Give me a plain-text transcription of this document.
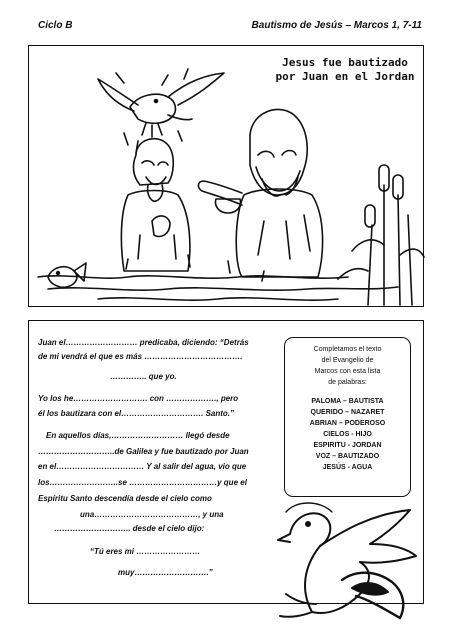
Ciclo B	Bautismo de Jesús – Marcos 1, 7-11
Jesus fue bautizado
por Juan en el Jordan
Juan el……………………… predicaba, diciendo: “Detrás
de mi vendrá el que es más ……………………………….
………….. que yo.
Yo los he………………………. con ………………., pero
él los bautizara con el…………………………. Santo.”
En aquellos días,……………………… llegó desde
………………………..de Galilea y fue bautizado por Juan
en el…………………………… Y al salir del agua, vio que
los……………………..se ……………………………y que el
Espíritu Santo descendía desde el cielo como
una…………………………………, y una
……………………….. desde el cielo dijo:
“Tú eres mi ……………………
muy……………………….”
Completamos el texto
del Evangelio de
Marcos con esta lista
de palabras:
PALOMA – BAUTISTA
QUERIDO – NAZARET
ABRIAN – PODEROSO
CIELOS - HIJO
ESPIRITU - JORDAN
VOZ – BAUTIZADO
JESÚS - AGUA
